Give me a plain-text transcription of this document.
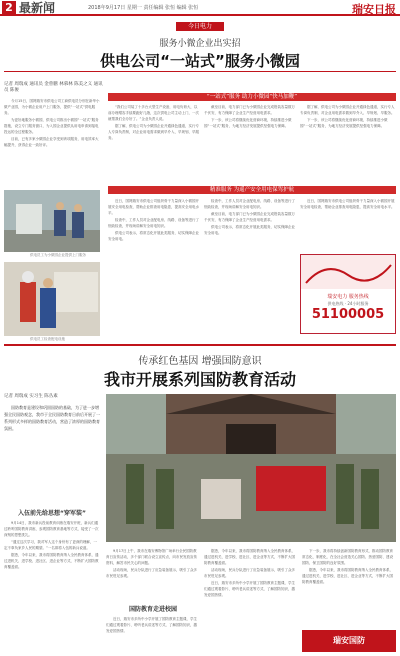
2 最新闻	2018年9月17日 星期一 责任编辑 张恒 编辑 张恒	瑞安日报
今日电力
服务小微企业出实招
供电公司“一站式”服务小微园
记者 周瑞成 通讯员 金曾鹏 林慕林 陈美之义 通讯员 陈俊

今月15日，国网瑞安市供电公司工商供电员分别在新华小微产业园，为小微企业用户上门服务，提供“一站式”供电服务。

为更好地服务小微园，供电公司推出小微园“一站式”服务措施，设立专门服务窗口，为入园企业提供从用电申请到接电投运的全过程服务。

目前，已有多家小微园企业享受到该项服务，用电效率大幅提升，获得企业一致好评。

供电员工为小微园企业提供上门服务
供电员工检查配电设施
“一站式”服务 助力小微园“快马加鞭”

“我们公司装了十多台大型生产设备，用电负荷大，以前办理增容手续要跑好几趟，这次供电公司主动上门，一次就帮我们全办好了。”企业负责人说。

据了解，供电公司为小微园企业开通绿色通道，实行专人专岗负责制，对企业用电需求做到早介入、早规划、早服务。

截至目前，电力部门已为小微园企业完成报装容量数万千伏安，有力保障了企业生产经营用电需求。

下一步，该公司将继续优化营商环境，持续推进小微园“一站式”服务，为地方经济发展提供坚强电力保障。

据了解，供电公司为小微园企业开通绿色通道，实行专人专岗负责制，对企业用电需求做到早介入、早规划、早服务。

下一步，该公司将继续优化营商环境，持续推进小微园“一站式”服务，为地方经济发展提供坚强电力保障。

精准服务 为遥产安全用电保驾护航

近日，国网瑞安市供电公司组织骨干力量深入小微园开展安全用电检查，帮助企业排查用电隐患，提高安全用电水平。

检查中，工作人员对企业配电房、线路、设备等进行了细致检查，并现场讲解安全用电知识。

供电公司表示，将常态化开展此类服务，切实保障企业安全用电。

检查中，工作人员对企业配电房、线路、设备等进行了细致检查，并现场讲解安全用电知识。

截至目前，电力部门已为小微园企业完成报装容量数万千伏安，有力保障了企业生产经营用电需求。

供电公司表示，将常态化开展此类服务，切实保障企业安全用电。

近日，国网瑞安市供电公司组织骨干力量深入小微园开展安全用电检查，帮助企业排查用电隐患，提高安全用电水平。

瑞安电力 服务热线
供电热线 · 24小时服务
51100005
传承红色基因 增强国防意识
我市开展系列国防教育活动
记者 周瑞成 实习生 陈丛素

国防教育是建设和巩固国防的基础，为了进一步增强全民国防观念，我市于全民国防教育日前后开展了一系列形式多样的国防教育活动，营造了浓厚的国防教育氛围。

入伍前先给思想“穿军装”

9月14日，我市新兵役前教育训练在瑞安开班，新兵们通过聆听国防教育讲座、参观国防教育基地等方式，接受了一次深刻的思想洗礼。

“通过这次学习，我对军人这个身份有了更深的理解，一定不辜负家乡人民的期望。”一名即将入伍的新兵说道。

据悉，今年以来，我市将国防教育纳入全民教育体系，通过进机关、进学校、进社区、进企业等方式，不断扩大国防教育覆盖面。

9月17日上午，我市在瑞安博物馆广场举行全民国防教育日宣传活动，多个部门联合设立宣传点，向市民发放宣传资料，解答市民关心的问题。

活动现场，民兵分队进行了应急装备展示，吸引了众多市民驻足参观。

国防教育走进校园

近日，瑞安市多所中小学开展了国防教育主题课，学生们通过观看影片、聆听老兵讲述等方式，了解国防知识，激发爱国热情。

据悉，今年以来，我市将国防教育纳入全民教育体系，通过进机关、进学校、进社区、进企业等方式，不断扩大国防教育覆盖面。

活动现场，民兵分队进行了应急装备展示，吸引了众多市民驻足参观。

近日，瑞安市多所中小学开展了国防教育主题课，学生们通过观看影片、聆听老兵讲述等方式，了解国防知识，激发爱国热情。

下一步，我市将持续创新国防教育形式，推动国防教育常态化、制度化，在全社会营造关心国防、热爱国防、建设国防、保卫国防的良好氛围。

据悉，今年以来，我市将国防教育纳入全民教育体系，通过进机关、进学校、进社区、进企业等方式，不断扩大国防教育覆盖面。

瑞安国防
